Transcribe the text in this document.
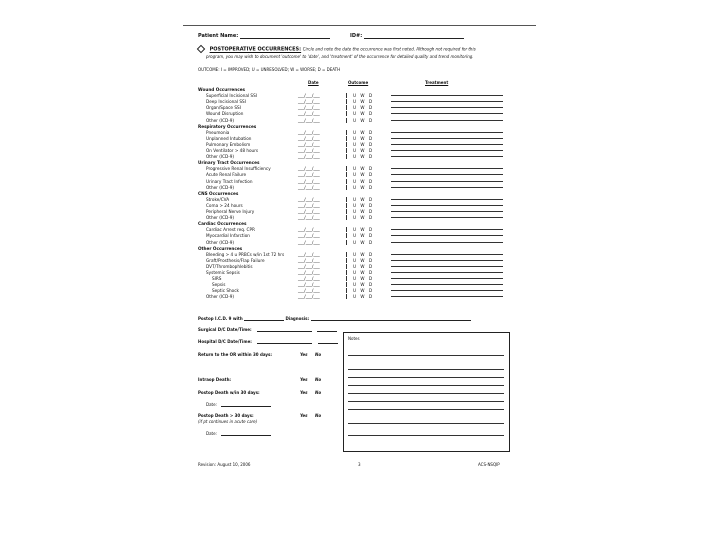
Patient Name:	ID#:
POSTOPERATIVE OCCURRENCES: Circle and note the date the occurrence was first noted. Although not required for this
program, you may wish to document 'outcome' to 'date', and 'treatment' of the occurrence for detailed quality and trend monitoring.
OUTCOME: I = IMPROVED; U = UNRESOLVED; W = WORSE; D = DEATH
Date	Outcome	Treatment
Wound Occurrences
Superficial Incisional SSI	___/___/___	U W D
Deep Incisional SSI	___/___/___	U W D
Organ/Space SSI	___/___/___	U W D
Wound Disruption	___/___/___	U W D
Other (ICD-9)	___/___/___	U W D
Respiratory Occurrences
Pneumonia	___/___/___	U W D
Unplanned Intubation	___/___/___	U W D
Pulmonary Embolism	___/___/___	U W D
On Ventilator > 48 hours	___/___/___	U W D
Other (ICD-9)	___/___/___	U W D
Urinary Tract Occurrences
Progressive Renal Insufficiency	___/___/___	U W D
Acute Renal Failure	___/___/___	U W D
Urinary Tract Infection	___/___/___	U W D
Other (ICD-9)	___/___/___	U W D
CNS Occurrences
Stroke/CVA	___/___/___	U W D
Coma > 24 hours	___/___/___	U W D
Peripheral Nerve Injury	___/___/___	U W D
Other (ICD-9)	___/___/___	U W D
Cardiac Occurrences
Cardiac Arrest req. CPR	___/___/___	U W D
Myocardial Infarction	___/___/___	U W D
Other (ICD-9)	___/___/___	U W D
Other Occurrences
Bleeding > 4 u PRBCs w/in 1st 72 hrs	___/___/___	U W D
Graft/Prosthesis/Flap Failure	___/___/___	U W D
DVT/Thrombophlebitis	___/___/___	U W D
Systemic Sepsis	___/___/___	U W D
SIRS	___/___/___	U W D
Sepsis	___/___/___	U W D
Septic Shock	___/___/___	U W D
Other (ICD-9)	___/___/___	U W D
Postop I.C.D. 9 with	Diagnosis:
Surgical D/C Date/Time:
Hospital D/C Date/Time:
Return to the OR within 30 days:	Yes No
Intraop Death:	Yes No
Postop Death w/in 30 days:	Yes No
Date:
Postop Death > 30 days:
(if pt continues in acute care)
Yes No
Date:
Notes
Revision: August 10, 2006	3	ACS-NSQIP
